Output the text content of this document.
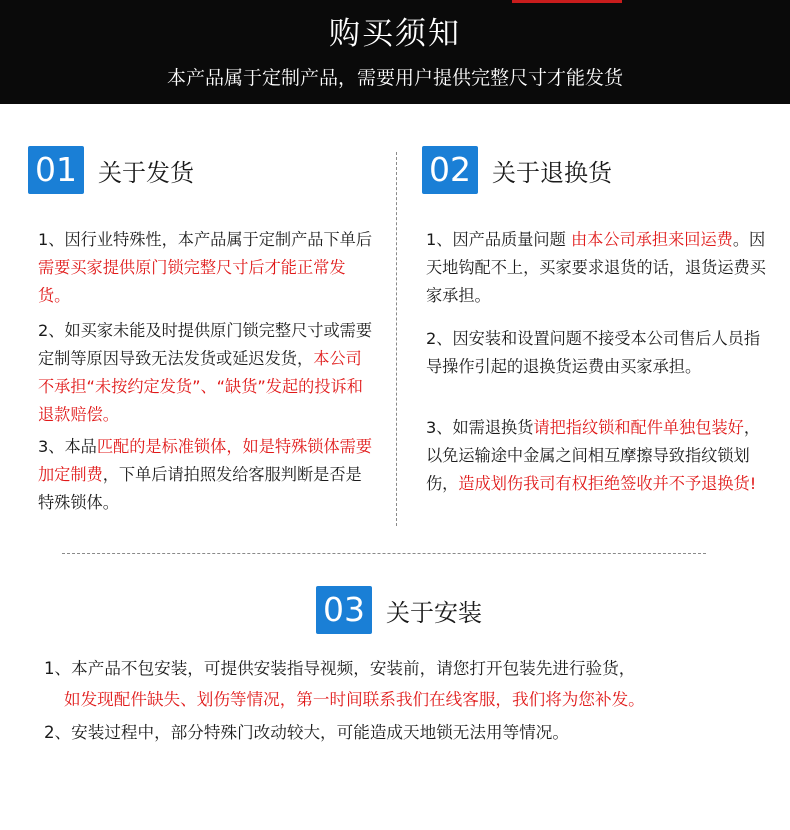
购买须知
本产品属于定制产品，需要用户提供完整尺寸才能发货
01 关于发货

1、因行业特殊性，本产品属于定制产品下单后需要买家提供原门锁完整尺寸后才能正常发货。

2、如买家未能及时提供原门锁完整尺寸或需要定制等原因导致无法发货或延迟发货，本公司不承担“未按约定发货”、“缺货”发起的投诉和退款赔偿。

3、本品匹配的是标准锁体，如是特殊锁体需要加定制费，下单后请拍照发给客服判断是否是特殊锁体。

02 关于退换货

1、因产品质量问题 由本公司承担来回运费。因天地钩配不上，买家要求退货的话，退货运费买家承担。

2、因安装和设置问题不接受本公司售后人员指导操作引起的退换货运费由买家承担。

3、如需退换货请把指纹锁和配件单独包装好，以免运输途中金属之间相互摩擦导致指纹锁划伤，造成划伤我司有权拒绝签收并不予退换货!

03 关于安装

1、本产品不包安装，可提供安装指导视频，安装前，请您打开包装先进行验货，

如发现配件缺失、划伤等情况，第一时间联系我们在线客服，我们将为您补发。

2、安装过程中，部分特殊门改动较大，可能造成天地锁无法用等情况。
